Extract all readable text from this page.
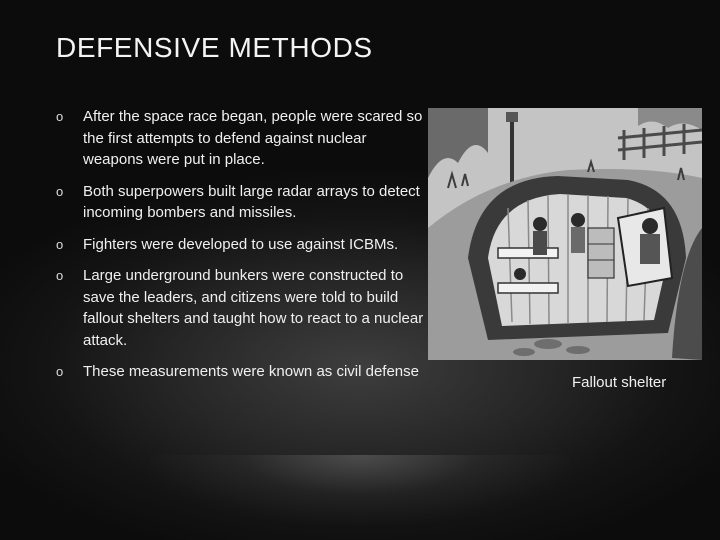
DEFENSIVE METHODS
o After the space race began, people were scared so the first attempts to defend against nuclear weapons were put in place.
o Both superpowers built large radar arrays to detect incoming bombers and missiles.
o Fighters were developed to use against ICBMs.
o Large underground bunkers were constructed to save the leaders, and citizens were told to build fallout shelters and taught how to react to a nuclear attack.
o These measurements were known as civil defense
Fallout shelter
